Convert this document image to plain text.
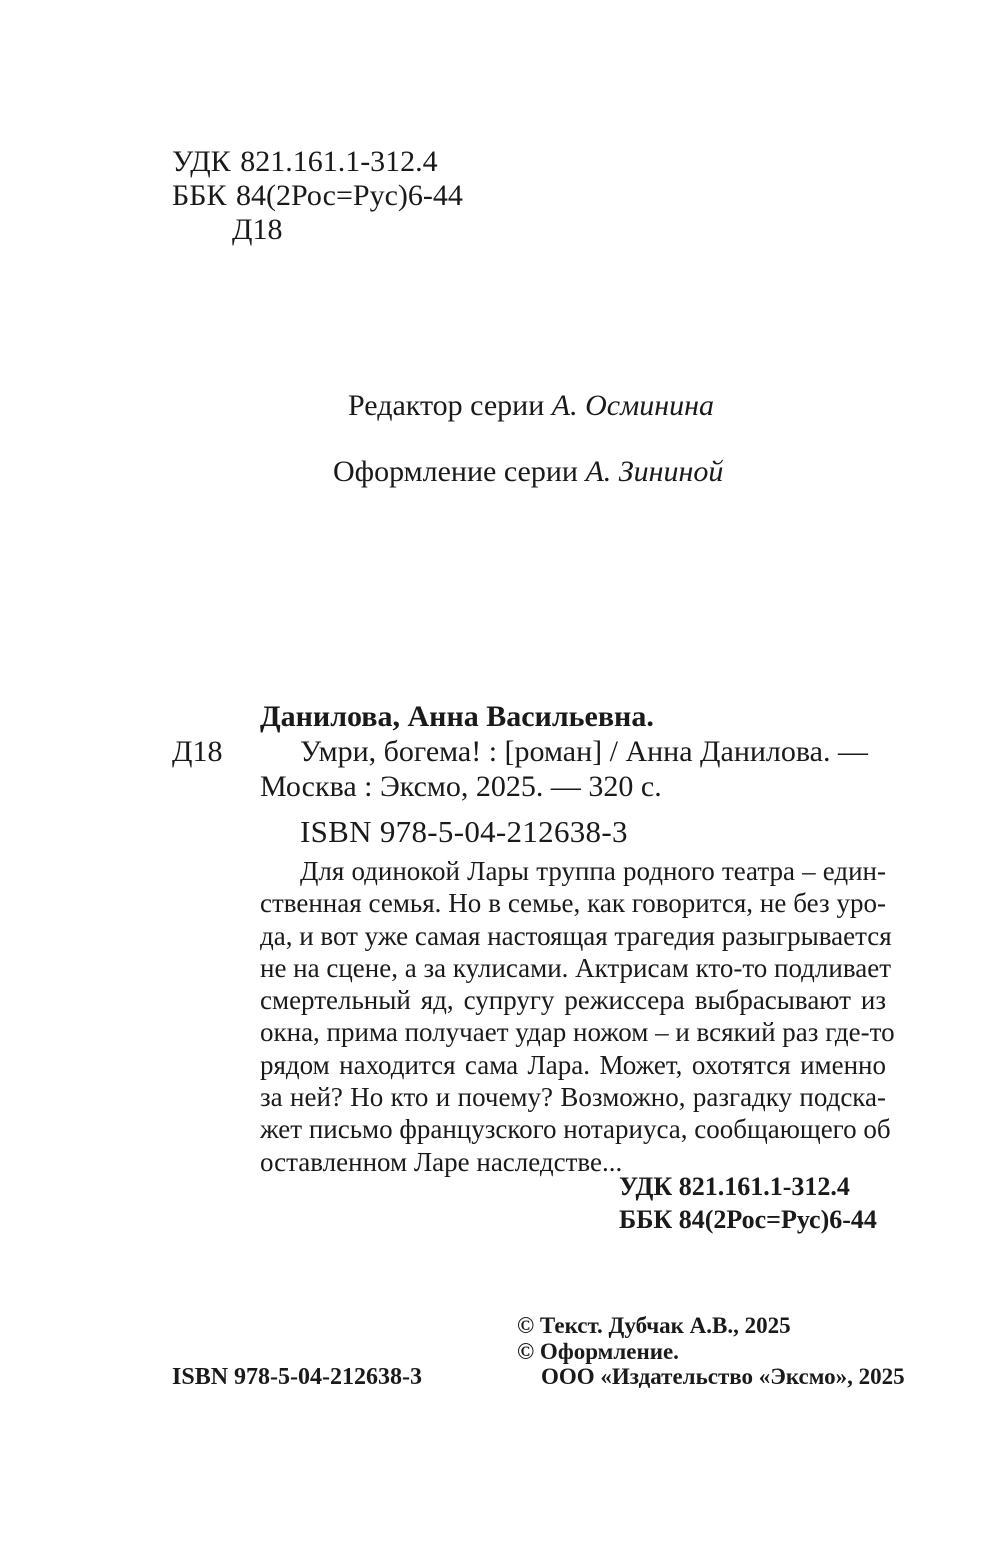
УДК 821.161.1-312.4
ББК 84(2Рос=Рус)6-44
Д18
Редактор серии А. Осминина
Оформление серии А. Зининой
Данилова, Анна Васильевна.
Д18	Умри, богема! : [роман] / Анна Данилова. —
Москва : Эксмо, 2025. — 320 с.
ISBN 978-5-04-212638-3
Для одинокой Лары труппа родного театра – един-
ственная семья. Но в семье, как говорится, не без уро-
да, и вот уже самая настоящая трагедия разыгрывается
не на сцене, а за кулисами. Актрисам кто-то подливает
смертельный яд, супругу режиссера выбрасывают из
окна, прима получает удар ножом – и всякий раз где-то
рядом находится сама Лара. Может, охотятся именно
за ней? Но кто и почему? Возможно, разгадку подска-
жет письмо французского нотариуса, сообщающего об
оставленном Ларе наследстве...
УДК 821.161.1-312.4
ББК 84(2Рос=Рус)6-44
© Текст. Дубчак А.В., 2025
© Оформление.
ISBN 978-5-04-212638-3	ООО «Издательство «Эксмо», 2025
